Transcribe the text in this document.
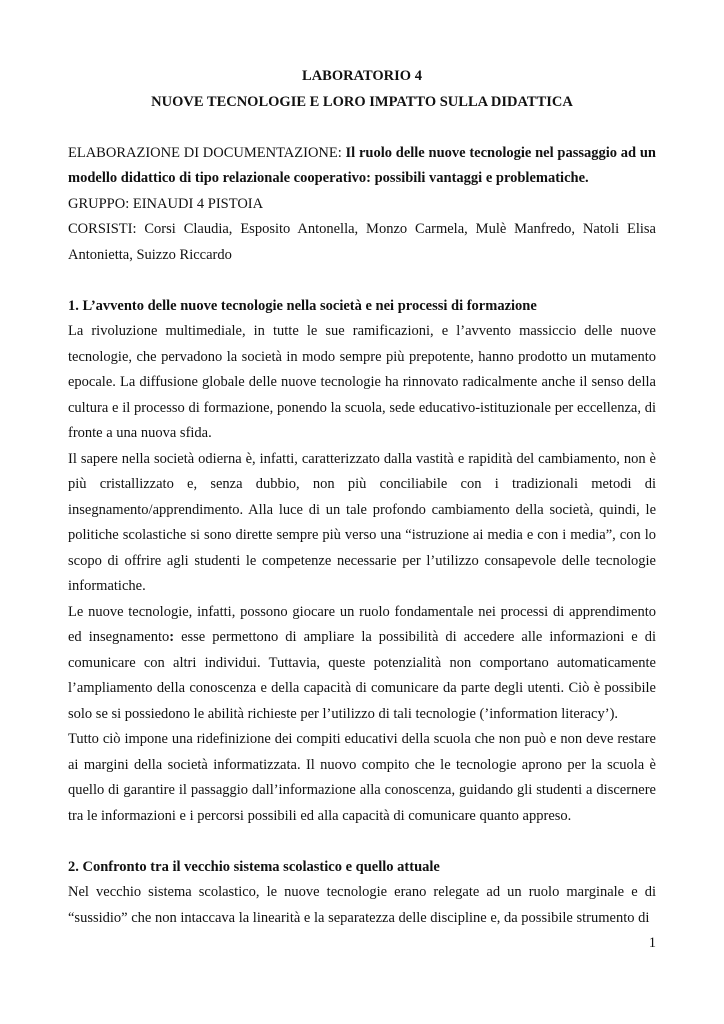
LABORATORIO 4

NUOVE TECNOLOGIE E LORO IMPATTO SULLA DIDATTICA

ELABORAZIONE DI DOCUMENTAZIONE: Il ruolo delle nuove tecnologie nel passaggio ad un modello didattico di tipo relazionale cooperativo: possibili vantaggi e problematiche.

GRUPPO: EINAUDI 4 PISTOIA

CORSISTI: Corsi Claudia, Esposito Antonella, Monzo Carmela, Mulè Manfredo, Natoli Elisa Antonietta, Suizzo Riccardo

1. L’avvento delle nuove tecnologie nella società e nei processi di formazione

La rivoluzione multimediale, in tutte le sue ramificazioni, e l’avvento massiccio delle nuove tecnologie, che pervadono la società in modo sempre più prepotente, hanno prodotto un mutamento epocale. La diffusione globale delle nuove tecnologie ha rinnovato radicalmente anche il senso della cultura e il processo di formazione, ponendo la scuola, sede educativo-istituzionale per eccellenza, di fronte a una nuova sfida.

Il sapere nella società odierna è, infatti, caratterizzato dalla vastità e rapidità del cambiamento, non è più cristallizzato e, senza dubbio, non più conciliabile con i tradizionali metodi di insegnamento/apprendimento. Alla luce di un tale profondo cambiamento della società, quindi, le politiche scolastiche si sono dirette sempre più verso una “istruzione ai media e con i media”, con lo scopo di offrire agli studenti le competenze necessarie per l’utilizzo consapevole delle tecnologie informatiche.

Le nuove tecnologie, infatti, possono giocare un ruolo fondamentale nei processi di apprendimento ed insegnamento: esse permettono di ampliare la possibilità di accedere alle informazioni e di comunicare con altri individui. Tuttavia, queste potenzialità non comportano automaticamente l’ampliamento della conoscenza e della capacità di comunicare da parte degli utenti. Ciò è possibile solo se si possiedono le abilità richieste per l’utilizzo di tali tecnologie (’information literacy’).

Tutto ciò impone una ridefinizione dei compiti educativi della scuola che non può e non deve restare ai margini della società informatizzata. Il nuovo compito che le tecnologie aprono per la scuola è quello di garantire il passaggio dall’informazione alla conoscenza, guidando gli studenti a discernere tra le informazioni e i percorsi possibili ed alla capacità di comunicare quanto appreso.

2. Confronto tra il vecchio sistema scolastico e quello attuale

Nel vecchio sistema scolastico, le nuove tecnologie erano relegate ad un ruolo marginale e di “sussidio” che non intaccava la linearità e la separatezza delle discipline e, da possibile strumento di

1
